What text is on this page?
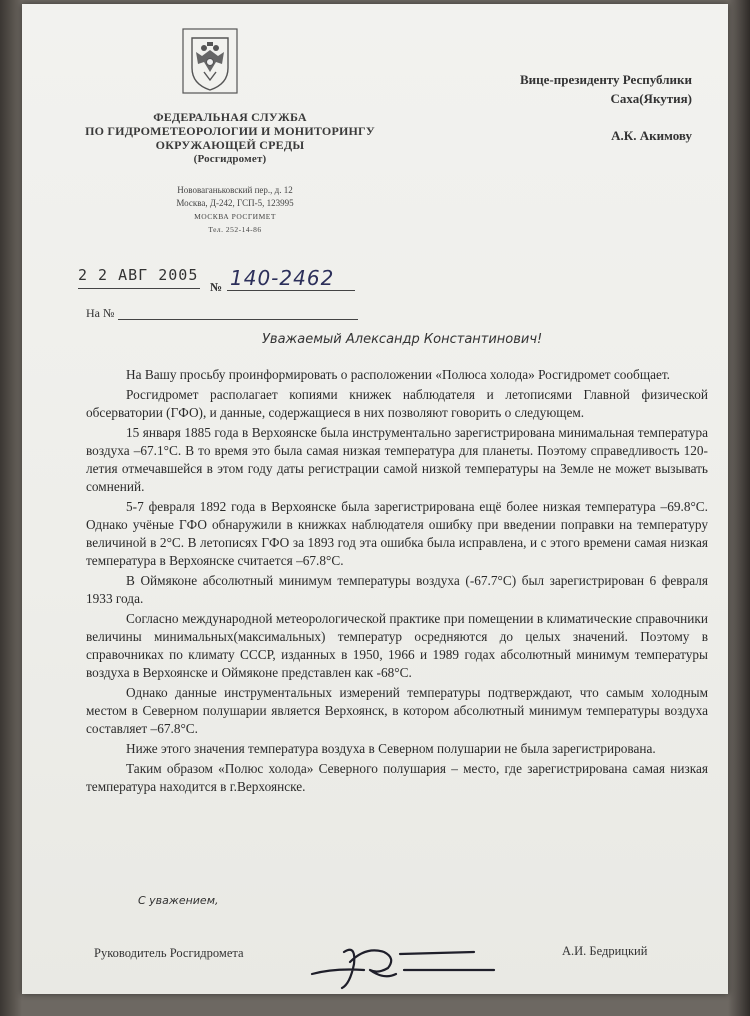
ФЕДЕРАЛЬНАЯ СЛУЖБА
ПО ГИДРОМЕТЕОРОЛОГИИ И МОНИТОРИНГУ
ОКРУЖАЮЩЕЙ СРЕДЫ
(Росгидромет)
Нововаганьковский пер., д. 12
Москва, Д-242, ГСП-5, 123995
МОСКВА РОСГИМЕТ
Тел. 252-14-86
Вице-президенту Республики
Саха(Якутия)
А.К. Акимову
2 2 АВГ 2005
№ 140-2462
На №
Уважаемый Александр Константинович!

На Вашу просьбу проинформировать о расположении «Полюса холода» Росгидромет сообщает.

Росгидромет располагает копиями книжек наблюдателя и летописями Главной физической обсерватории (ГФО), и данные, содержащиеся в них позволяют говорить о следующем.

15 января 1885 года в Верхоянске была инструментально зарегистрирована минимальная температура воздуха –67.1°С. В то время это была самая низкая температура для планеты. Поэтому справедливость 120-летия отмечавшейся в этом году даты регистрации самой низкой температуры на Земле не может вызывать сомнений.

5-7 февраля 1892 года в Верхоянске была зарегистрирована ещё более низкая температура –69.8°С. Однако учёные ГФО обнаружили в книжках наблюдателя ошибку при введении поправки на температуру величиной в 2°С. В летописях ГФО за 1893 год эта ошибка была исправлена, и с этого времени самая низкая температура в Верхоянске считается –67.8°С.

В Оймяконе абсолютный минимум температуры воздуха (-67.7°С) был зарегистрирован 6 февраля 1933 года.

Согласно международной метеорологической практике при помещении в климатические справочники величины минимальных(максимальных) температур осредняются до целых значений. Поэтому в справочниках по климату СССР, изданных в 1950, 1966 и 1989 годах абсолютный минимум температуры воздуха в Верхоянске и Оймяконе представлен как -68°С.

Однако данные инструментальных измерений температуры подтверждают, что самым холодным местом в Северном полушарии является Верхоянск, в котором абсолютный минимум температуры воздуха составляет –67.8°С.

Ниже этого значения температура воздуха в Северном полушарии не была зарегистрирована.

Таким образом «Полюс холода» Северного полушария – место, где зарегистрирована самая низкая температура находится в г.Верхоянске.

С уважением,
Руководитель Росгидромета	А.И. Бедрицкий
